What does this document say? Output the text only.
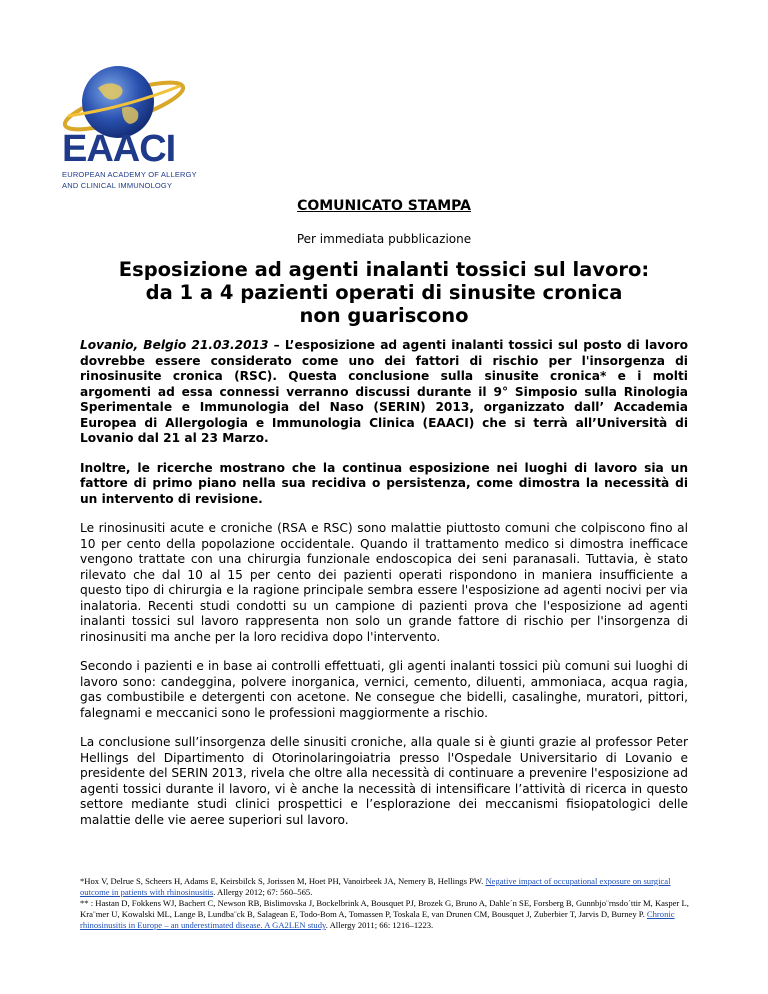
EAACI
EUROPEAN ACADEMY OF ALLERGY
AND CLINICAL IMMUNOLOGY
COMUNICATO STAMPA
Per immediata pubblicazione
Esposizione ad agenti inalanti tossici sul lavoro:
da 1 a 4 pazienti operati di sinusite cronica
non guariscono

Lovanio, Belgio 21.03.2013 – L’esposizione ad agenti inalanti tossici sul posto di lavoro dovrebbe essere considerato come uno dei fattori di rischio per l'insorgenza di rinosinusite cronica (RSC). Questa conclusione sulla sinusite cronica* e i molti argomenti ad essa connessi verranno discussi durante il 9° Simposio sulla Rinologia Sperimentale e Immunologia del Naso (SERIN) 2013, organizzato dall’ Accademia Europea di Allergologia e Immunologia Clinica (EAACI) che si terrà all’Università di Lovanio dal 21 al 23 Marzo.

Inoltre, le ricerche mostrano che la continua esposizione nei luoghi di lavoro sia un fattore di primo piano nella sua recidiva o persistenza, come dimostra la necessità di un intervento di revisione.

Le rinosinusiti acute e croniche (RSA e RSC) sono malattie piuttosto comuni che colpiscono fino al 10 per cento della popolazione occidentale. Quando il trattamento medico si dimostra inefficace vengono trattate con una chirurgia funzionale endoscopica dei seni paranasali. Tuttavia, è stato rilevato che dal 10 al 15 per cento dei pazienti operati rispondono in maniera insufficiente a questo tipo di chirurgia e la ragione principale sembra essere l'esposizione ad agenti nocivi per via inalatoria. Recenti studi condotti su un campione di pazienti prova che l'esposizione ad agenti inalanti tossici sul lavoro rappresenta non solo un grande fattore di rischio per l'insorgenza di rinosinusiti ma anche per la loro recidiva dopo l'intervento.

Secondo i pazienti e in base ai controlli effettuati, gli agenti inalanti tossici più comuni sui luoghi di lavoro sono: candeggina, polvere inorganica, vernici, cemento, diluenti, ammoniaca, acqua ragia, gas combustibile e detergenti con acetone. Ne consegue che bidelli, casalinghe, muratori, pittori, falegnami e meccanici sono le professioni maggiormente a rischio.

La conclusione sull’insorgenza delle sinusiti croniche, alla quale si è giunti grazie al professor Peter Hellings del Dipartimento di Otorinolaringoiatria presso l'Ospedale Universitario di Lovanio e presidente del SERIN 2013, rivela che oltre alla necessità di continuare a prevenire l'esposizione ad agenti tossici durante il lavoro, vi è anche la necessità di intensificare l’attività di ricerca in questo settore mediante studi clinici prospettici e l’esplorazione dei meccanismi fisiopatologici delle malattie delle vie aeree superiori sul lavoro.

*Hox V, Delrue S, Scheers H, Adams E, Keirsbilck S, Jorissen M, Hoet PH, Vanoirbeek JA, Nemery B, Hellings PW. Negative impact of occupational exposure on surgical outcome in patients with rhinosinusitis. Allergy 2012; 67: 560–565.

** : Hastan D, Fokkens WJ, Bachert C, Newson RB, Bislimovska J, Bockelbrink A, Bousquet PJ, Brozek G, Bruno A, Dahle´n SE, Forsberg B, Gunnbjo¨rnsdo´ttir M, Kasper L, Kra¨mer U, Kowalski ML, Lange B, Lundba¨ck B, Salagean E, Todo-Bom A, Tomassen P, Toskala E, van Drunen CM, Bousquet J, Zuberbier T, Jarvis D, Burney P. Chronic rhinosinusitis in Europe – an underestimated disease. A GA2LEN study. Allergy 2011; 66: 1216–1223.
